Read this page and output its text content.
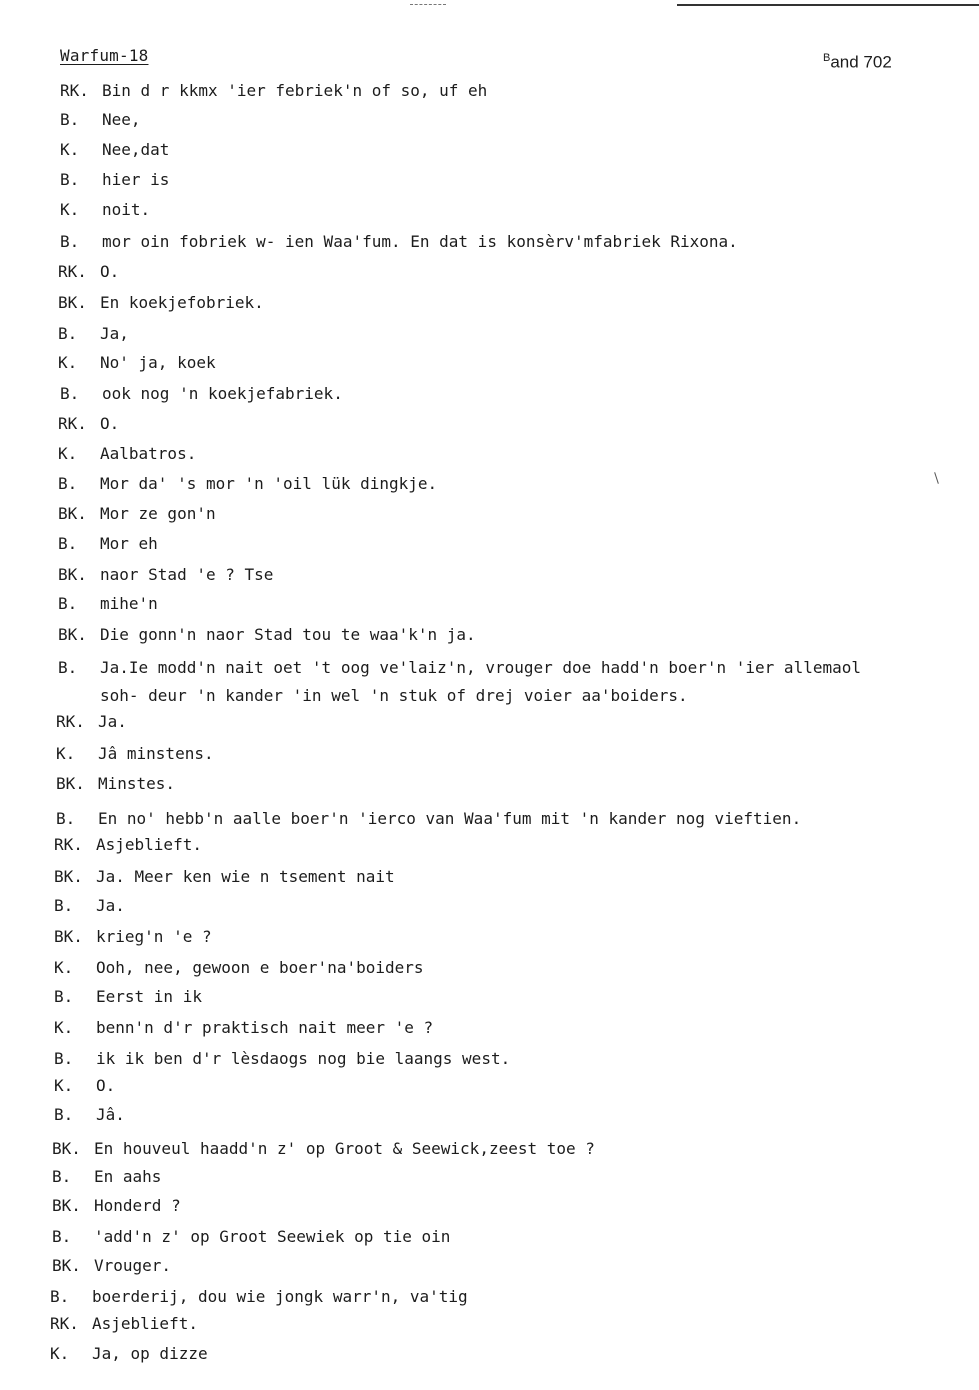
Warfum-18	$^B$and 702
RK. Bin d r kkmx 'ier febriek'n of so, uf eh
B. Nee,
K. Nee,dat
B. hier is
K. noit.
B. mor oin fobriek w- ien Waa'fum. En dat is konsèrv'mfabriek Rixona.
RK. O.
BK. En koekjefobriek.
B. Ja,
K. No' ja, koek
B. ook nog 'n koekjefabriek.
RK. O.
K. Aalbatros.
B. Mor da' 's mor 'n 'oil lük dingkje.
BK. Mor ze gon'n
B. Mor eh
BK. naor Stad 'e ? Tse
B. mihe'n
BK. Die gonn'n naor Stad tou te waa'k'n ja.
B. Ja.Ie modd'n nait oet 't oog ve'laiz'n, vrouger doe hadd'n boer'n 'ier allemaol
soh- deur 'n kander 'in wel 'n stuk of drej voier aa'boiders.
RK. Ja.
K. Jâ minstens.
BK. Minstes.
B. En no' hebb'n aalle boer'n 'ierco van Waa'fum mit 'n kander nog vieftien.
RK. Asjeblieft.
BK. Ja. Meer ken wie n tsement nait
B. Ja.
BK. krieg'n 'e ?
K. Ooh, nee, gewoon e boer'na'boiders
B. Eerst in ik
K. benn'n d'r praktisch nait meer 'e ?
B. ik ik ben d'r lèsdaogs nog bie laangs west.
K. O.
B. Jâ.
BK. En houveul haadd'n z' op Groot & Seewick,zeest toe ?
B. En aahs
BK. Honderd ?
B. 'add'n z' op Groot Seewiek op tie oin
BK. Vrouger.
B. boerderij, dou wie jongk warr'n, va'tig
RK. Asjeblieft.
K. Ja, op dizze
